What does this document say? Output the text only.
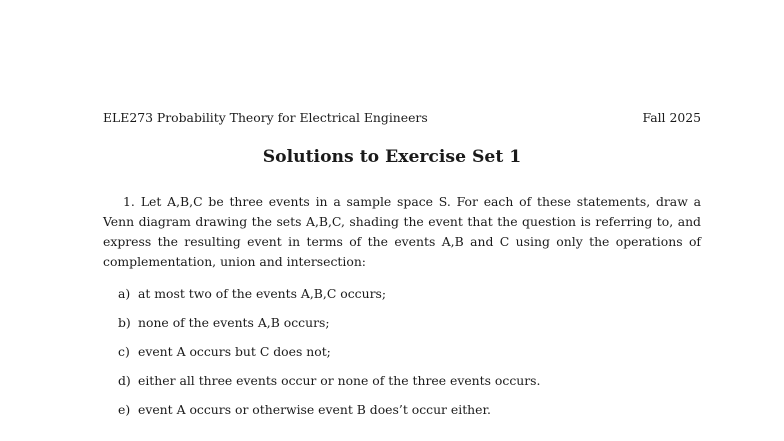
ELE273 Probability Theory for Electrical Engineers	Fall 2025
Solutions to Exercise Set 1
1. Let A,B,C be three events in a sample space S. For each of these statements, draw a Venn diagram drawing the sets A,B,C, shading the event that the question is referring to, and express the resulting event in terms of the events A,B and C using only the operations of complementation, union and intersection:
a) at most two of the events A,B,C occurs;
b) none of the events A,B occurs;
c) event A occurs but C does not;
d) either all three events occur or none of the three events occurs.
e) event A occurs or otherwise event B does’t occur either.
